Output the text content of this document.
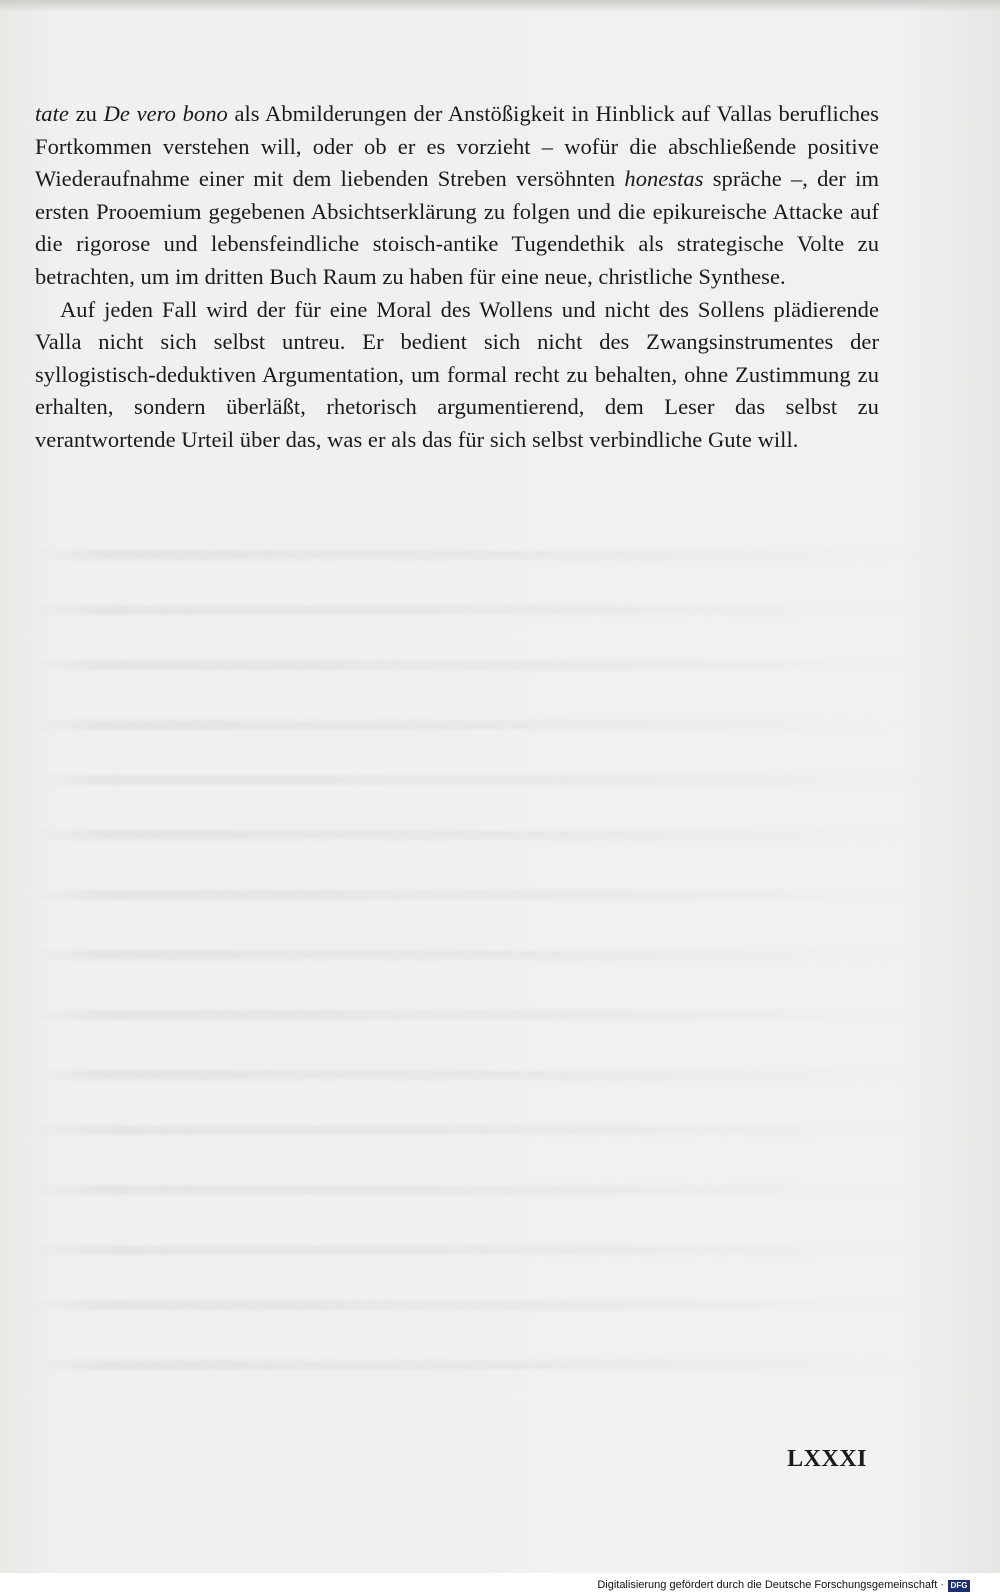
tate zu De vero bono als Abmilderungen der Anstößigkeit in Hinblick auf Vallas berufliches Fortkommen verstehen will, oder ob er es vorzieht – wofür die abschließende positive Wiederaufnahme einer mit dem liebenden Streben versöhnten honestas spräche –, der im ersten Prooemium gegebenen Absichtserklärung zu folgen und die epikureische Attacke auf die rigorose und lebensfeindliche stoisch-antike Tugendethik als strategische Volte zu betrachten, um im dritten Buch Raum zu haben für eine neue, christliche Synthese.

Auf jeden Fall wird der für eine Moral des Wollens und nicht des Sollens plädierende Valla nicht sich selbst untreu. Er bedient sich nicht des Zwangsinstrumentes der syllogistisch-deduktiven Argumentation, um formal recht zu behalten, ohne Zustimmung zu erhalten, sondern überläßt, rhetorisch argumentierend, dem Leser das selbst zu verantwortende Urteil über das, was er als das für sich selbst verbindliche Gute will.

LXXXI
Digitalisierung gefördert durch die Deutsche Forschungsgemeinschaft · DFG
